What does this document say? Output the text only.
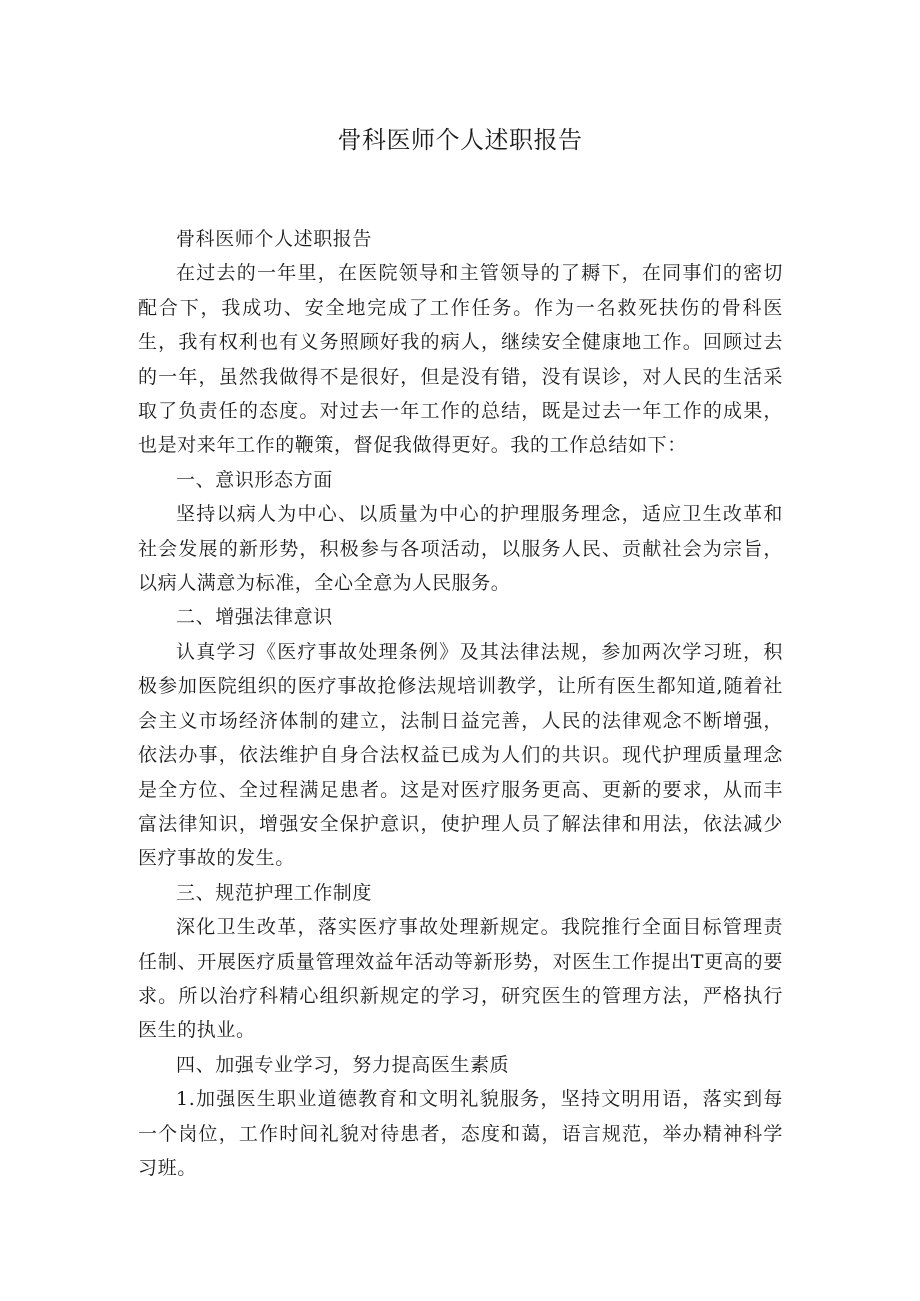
骨科医师个人述职报告

骨科医师个人述职报告

在过去的一年里，在医院领导和主管领导的了耨下，在同事们的密切配合下，我成功、安全地完成了工作任务。作为一名救死扶伤的骨科医生，我有权利也有义务照顾好我的病人，继续安全健康地工作。回顾过去的一年，虽然我做得不是很好，但是没有错，没有误诊，对人民的生活采取了负责任的态度。对过去一年工作的总结，既是过去一年工作的成果，也是对来年工作的鞭策，督促我做得更好。我的工作总结如下：

一、意识形态方面

坚持以病人为中心、以质量为中心的护理服务理念，适应卫生改革和社会发展的新形势，积极参与各项活动，以服务人民、贡献社会为宗旨，以病人满意为标准，全心全意为人民服务。

二、增强法律意识

认真学习《医疗事故处理条例》及其法律法规，参加两次学习班，积极参加医院组织的医疗事故抢修法规培训教学，让所有医生都知道,随着社会主义市场经济体制的建立，法制日益完善，人民的法律观念不断增强，依法办事，依法维护自身合法权益已成为人们的共识。现代护理质量理念是全方位、全过程满足患者。这是对医疗服务更高、更新的要求，从而丰富法律知识，增强安全保护意识，使护理人员了解法律和用法，依法减少医疗事故的发生。

三、规范护理工作制度

深化卫生改革，落实医疗事故处理新规定。我院推行全面目标管理责任制、开展医疗质量管理效益年活动等新形势，对医生工作提出T更高的要求。所以治疗科精心组织新规定的学习，研究医生的管理方法，严格执行医生的执业。

四、加强专业学习，努力提高医生素质

1.加强医生职业道德教育和文明礼貌服务，坚持文明用语，落实到每一个岗位，工作时间礼貌对待患者，态度和蔼，语言规范，举办精神科学习班。
